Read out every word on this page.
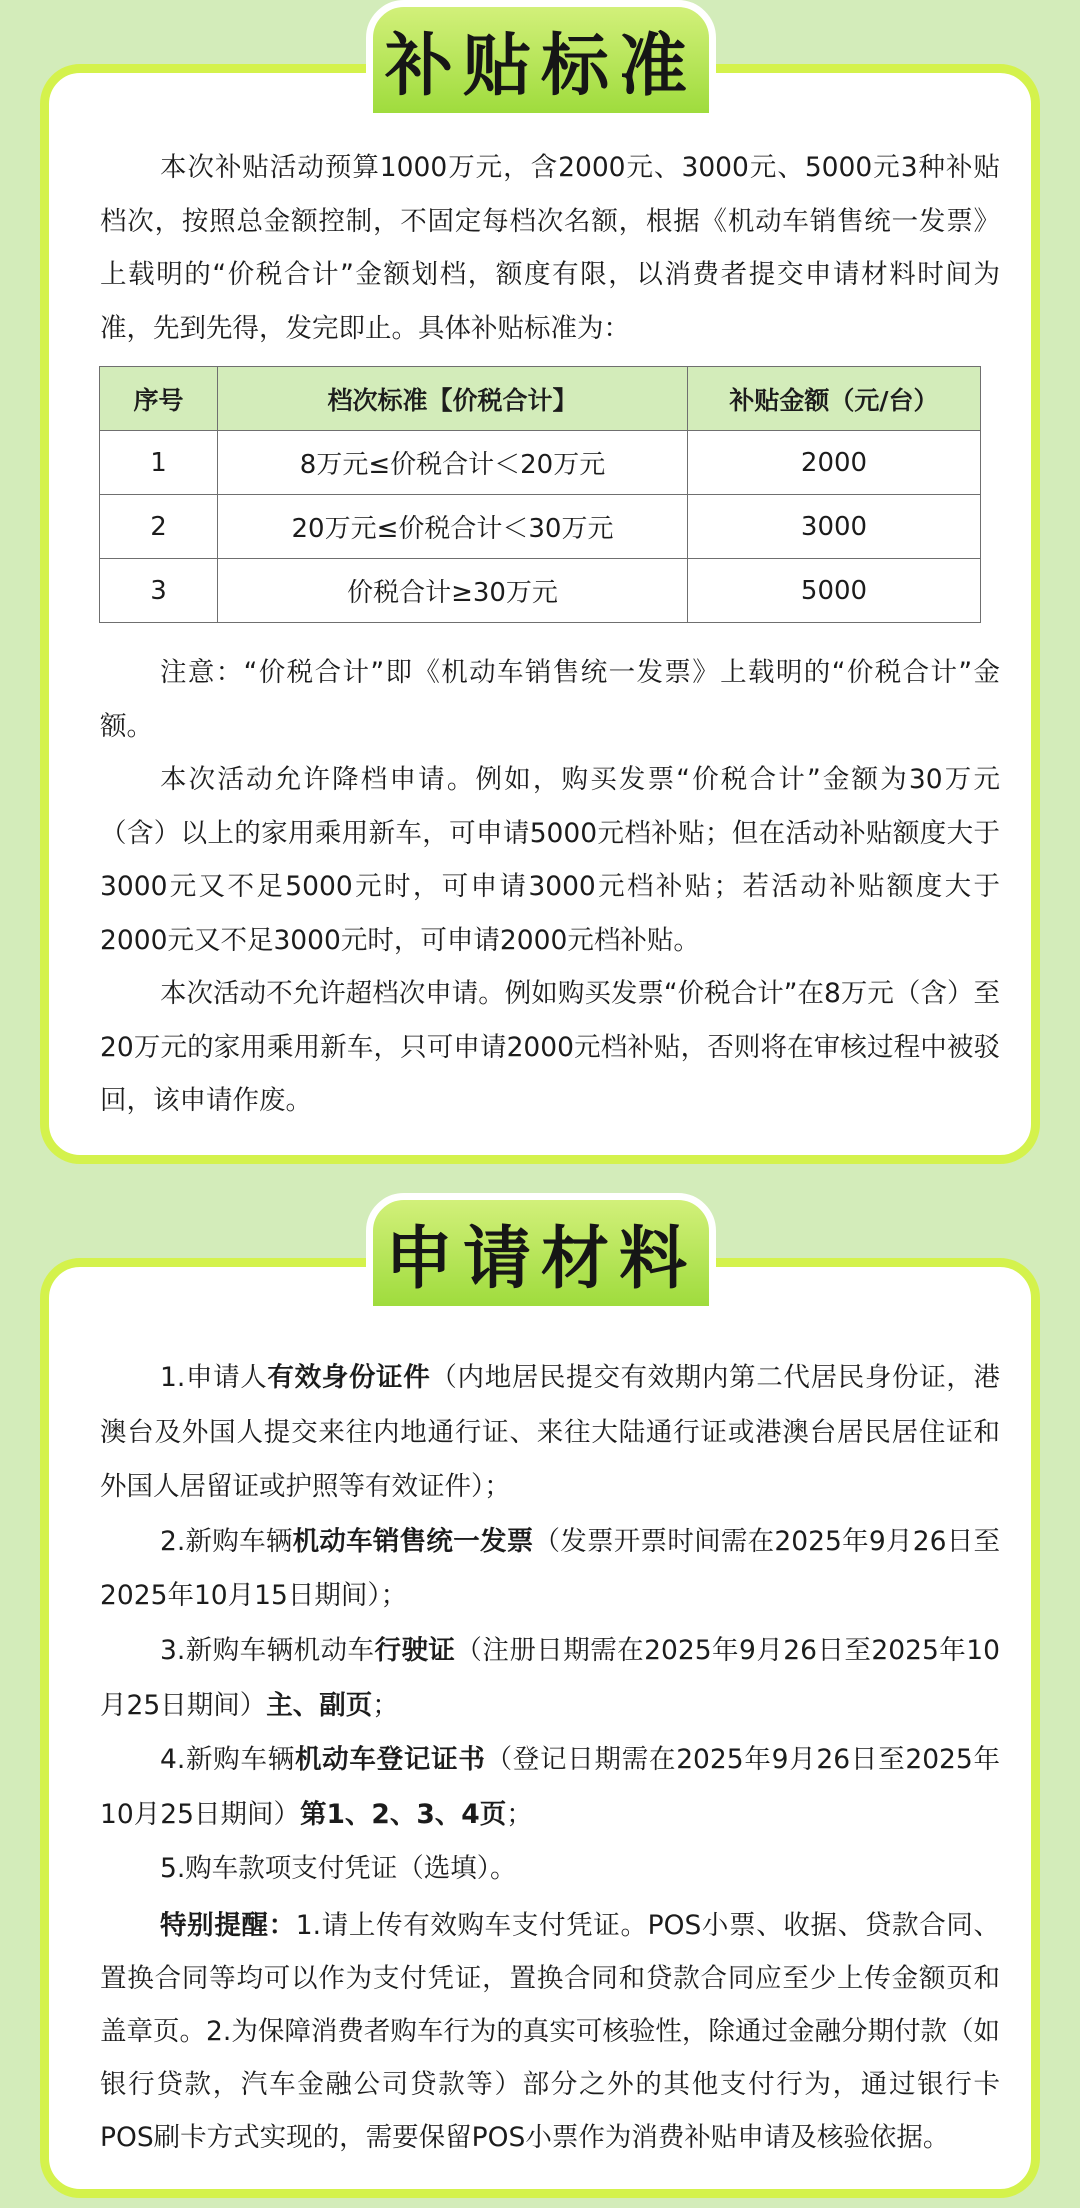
补贴标准
申请材料

本次补贴活动预算1000万元，含2000元、3000元、5000元3种补贴档次，按照总金额控制，不固定每档次名额，根据《机动车销售统一发票》上载明的“价税合计”金额划档，额度有限，以消费者提交申请材料时间为准，先到先得，发完即止。具体补贴标准为：

序号	档次标准【价税合计】	补贴金额（元/台）
1	8万元≤价税合计＜20万元	2000
2	20万元≤价税合计＜30万元	3000
3	价税合计≥30万元	5000

注意：“价税合计”即《机动车销售统一发票》上载明的“价税合计”金额。

本次活动允许降档申请。例如，购买发票“价税合计”金额为30万元（含）以上的家用乘用新车，可申请5000元档补贴；但在活动补贴额度大于3000元又不足5000元时，可申请3000元档补贴；若活动补贴额度大于2000元又不足3000元时，可申请2000元档补贴。

本次活动不允许超档次申请。例如购买发票“价税合计”在8万元（含）至20万元的家用乘用新车，只可申请2000元档补贴，否则将在审核过程中被驳回，该申请作废。

1.申请人有效身份证件（内地居民提交有效期内第二代居民身份证，港澳台及外国人提交来往内地通行证、来往大陆通行证或港澳台居民居住证和外国人居留证或护照等有效证件）；

2.新购车辆机动车销售统一发票（发票开票时间需在2025年9月26日至2025年10月15日期间）；

3.新购车辆机动车行驶证（注册日期需在2025年9月26日至2025年10月25日期间）主、副页；

4.新购车辆机动车登记证书（登记日期需在2025年9月26日至2025年10月25日期间）第1、2、3、4页；

5.购车款项支付凭证（选填）。

特别提醒：1.请上传有效购车支付凭证。POS小票、收据、贷款合同、置换合同等均可以作为支付凭证，置换合同和贷款合同应至少上传金额页和盖章页。2.为保障消费者购车行为的真实可核验性，除通过金融分期付款（如银行贷款，汽车金融公司贷款等）部分之外的其他支付行为，通过银行卡POS刷卡方式实现的，需要保留POS小票作为消费补贴申请及核验依据。
